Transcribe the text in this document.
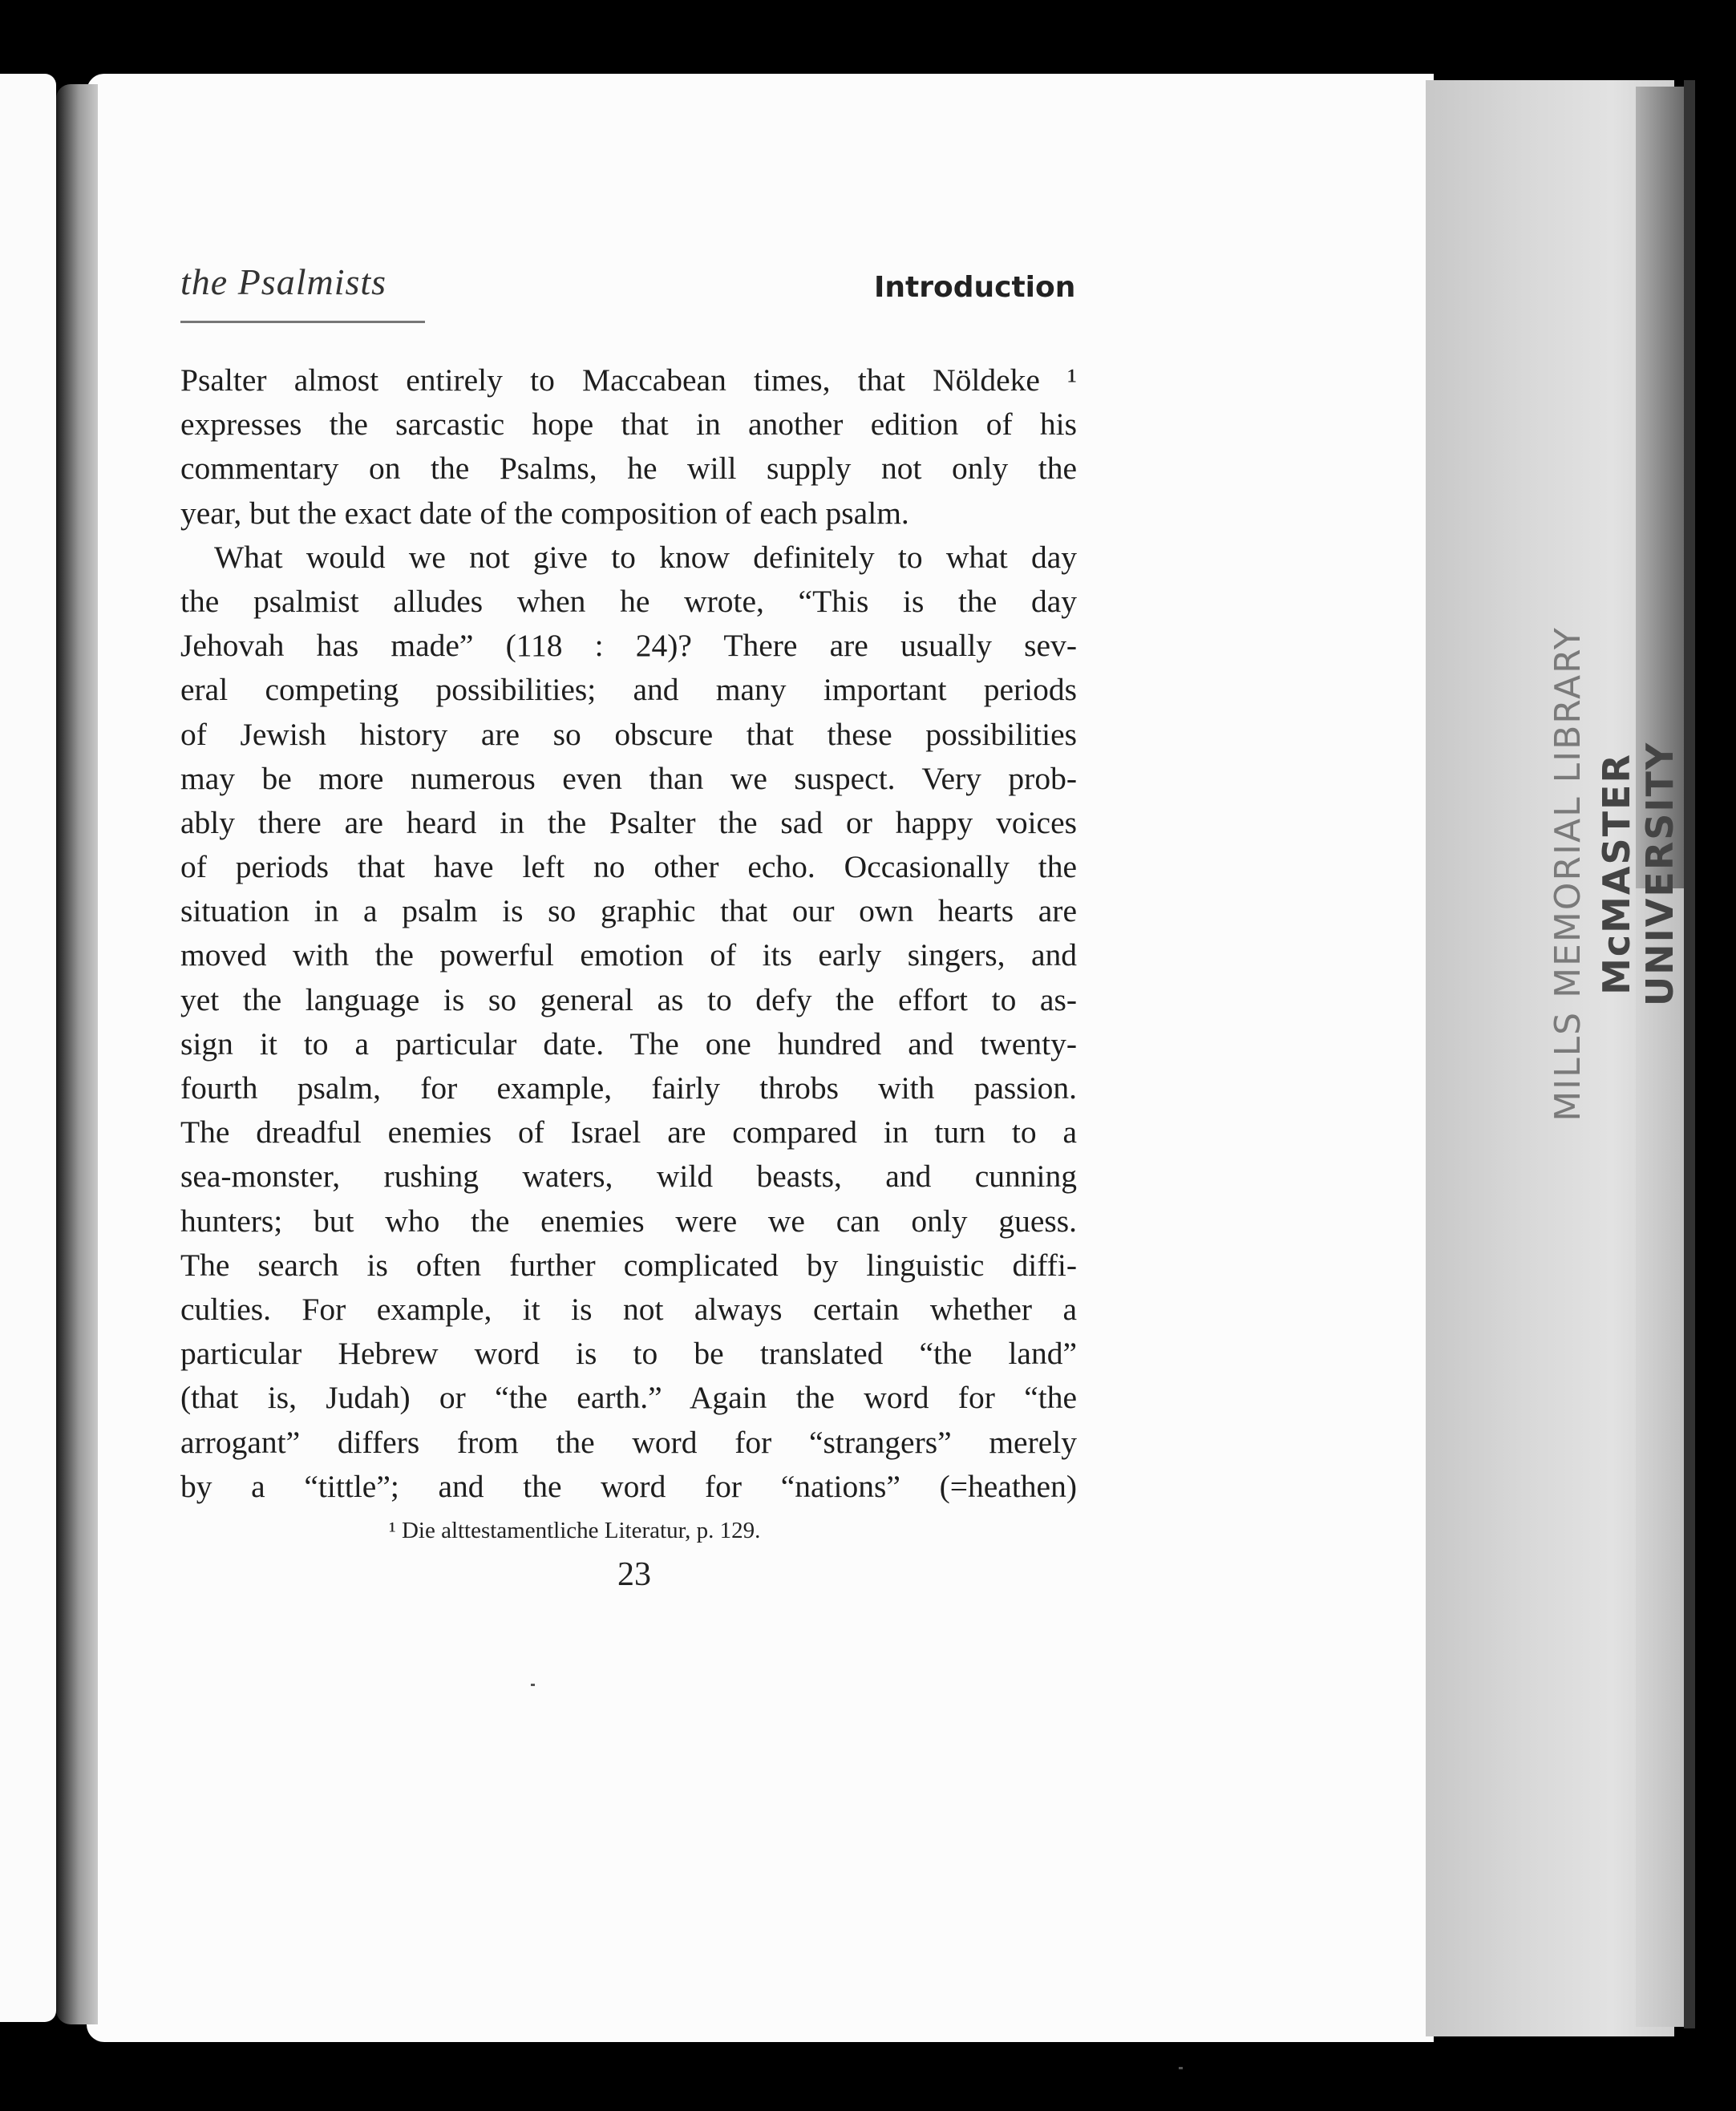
MILLS MEMORIAL LIBRARY McMASTER UNIVERSITY
the Psalmists	Introduction
Psalter almost entirely to Maccabean times, that Nöldeke ¹
expresses the sarcastic hope that in another edition of his
commentary on the Psalms, he will supply not only the
year, but the exact date of the composition of each psalm.
What would we not give to know definitely to what day
the psalmist alludes when he wrote, “This is the day
Jehovah has made” (118 : 24)? There are usually sev-
eral competing possibilities; and many important periods
of Jewish history are so obscure that these possibilities
may be more numerous even than we suspect. Very prob-
ably there are heard in the Psalter the sad or happy voices
of periods that have left no other echo. Occasionally the
situation in a psalm is so graphic that our own hearts are
moved with the powerful emotion of its early singers, and
yet the language is so general as to defy the effort to as-
sign it to a particular date. The one hundred and twenty-
fourth psalm, for example, fairly throbs with passion.
The dreadful enemies of Israel are compared in turn to a
sea-monster, rushing waters, wild beasts, and cunning
hunters; but who the enemies were we can only guess.
The search is often further complicated by linguistic diffi-
culties. For example, it is not always certain whether a
particular Hebrew word is to be translated “the land”
(that is, Judah) or “the earth.” Again the word for “the
arrogant” differs from the word for “strangers” merely
by a “tittle”; and the word for “nations” (=heathen)
¹ Die alttestamentliche Literatur, p. 129.
23
